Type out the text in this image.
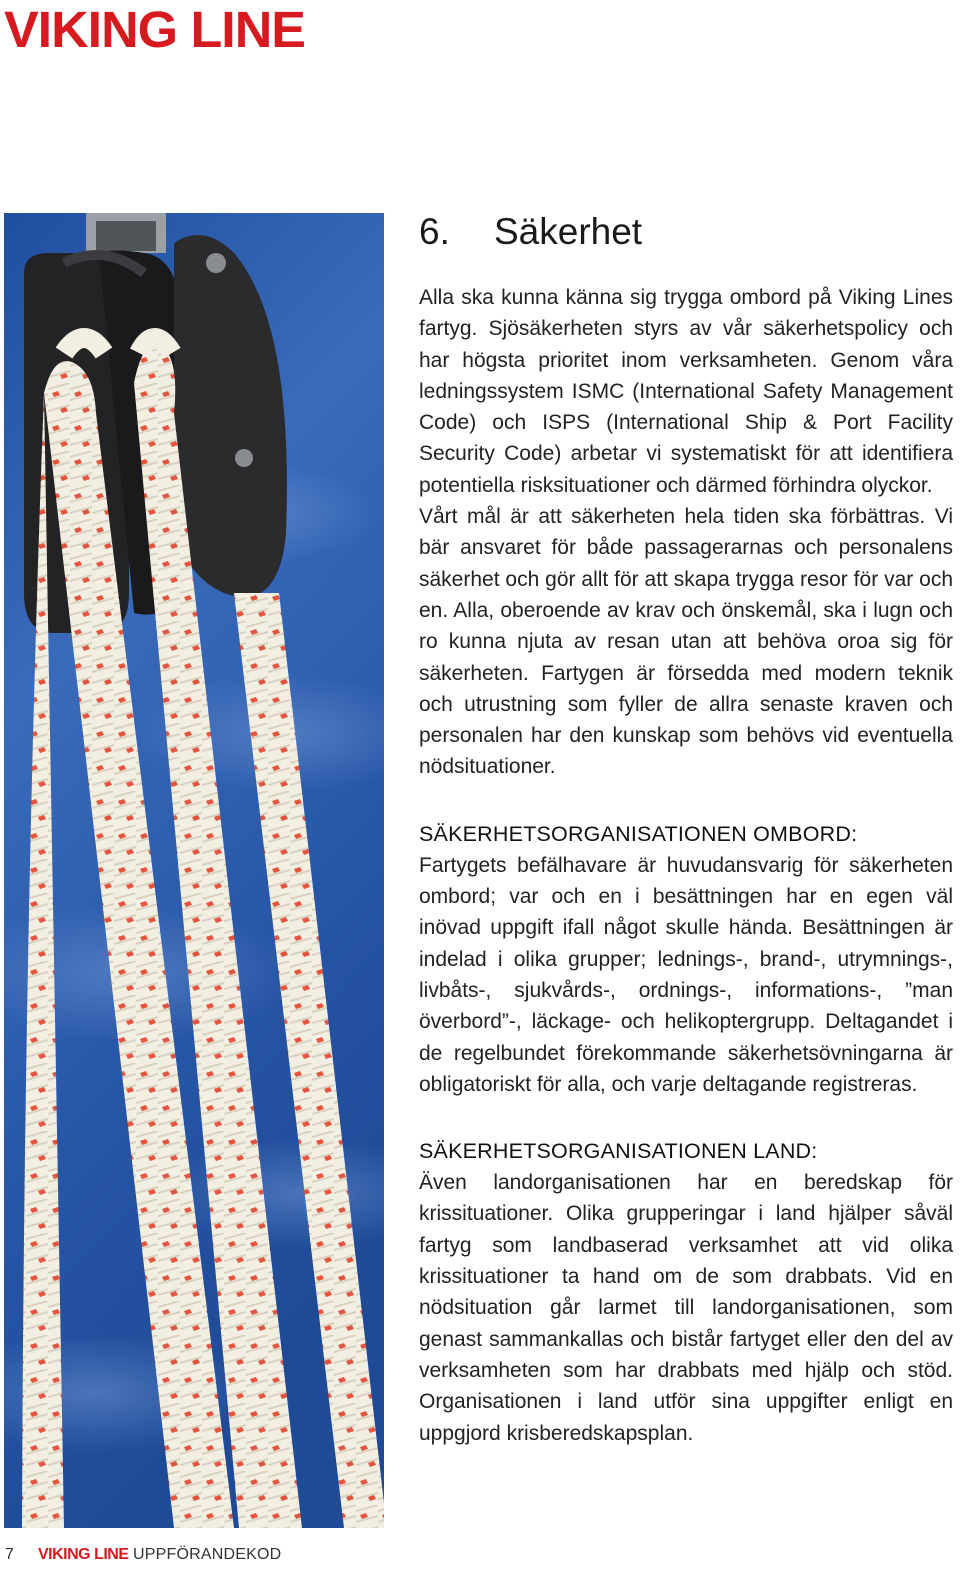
VIKING LINE
6. Säkerhet

Alla ska kunna känna sig trygga ombord på Viking Lines fartyg. Sjösäkerheten styrs av vår säkerhetspolicy och har högsta prioritet inom verksamheten. Genom våra ledningssystem ISMC (International Safety Management Code) och ISPS (International Ship & Port Facility Security Code) arbetar vi systematiskt för att identifiera potentiella risksituationer och därmed förhindra olyckor.

Vårt mål är att säkerheten hela tiden ska förbättras. Vi bär ansvaret för både passagerarnas och personalens säkerhet och gör allt för att skapa trygga resor för var och en. Alla, oberoende av krav och önskemål, ska i lugn och ro kunna njuta av resan utan att behöva oroa sig för säkerheten. Fartygen är försedda med modern teknik och utrustning som fyller de allra senaste kraven och personalen har den kunskap som behövs vid eventuella nödsituationer.

SÄKERHETSORGANISATIONEN OMBORD:

Fartygets befälhavare är huvudansvarig för säkerheten ombord; var och en i besättningen har en egen väl inövad uppgift ifall något skulle hända. Besättningen är indelad i olika grupper; lednings-, brand-, utrymnings-, livbåts-, sjukvårds-, ordnings-, informations-, ”man överbord”-, läckage- och helikoptergrupp. Deltagandet i de regelbundet förekommande säkerhetsövningarna är obligatoriskt för alla, och varje deltagande registreras.

SÄKERHETSORGANISATIONEN LAND:

Även landorganisationen har en beredskap för krissituationer. Olika grupperingar i land hjälper såväl fartyg som landbaserad verksamhet att vid olika krissituationer ta hand om de som drabbats. Vid en nödsituation går larmet till landorganisationen, som genast sammankallas och bistår fartyget eller den del av verksamheten som har drabbats med hjälp och stöd. Organisationen i land utför sina uppgifter enligt en uppgjord krisberedskapsplan.

7 VIKING LINE UPPFÖRANDEKOD
